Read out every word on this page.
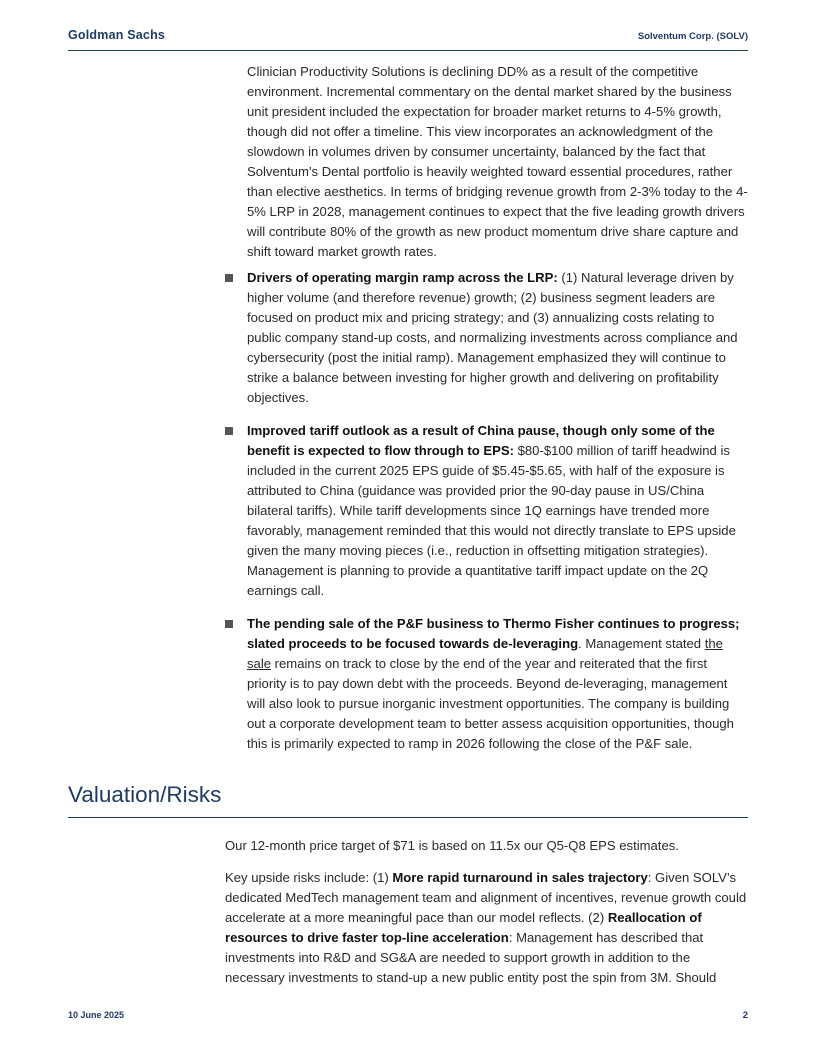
Goldman Sachs	Solventum Corp. (SOLV)

Clinician Productivity Solutions is declining DD% as a result of the competitive environment. Incremental commentary on the dental market shared by the business unit president included the expectation for broader market returns to 4-5% growth, though did not offer a timeline. This view incorporates an acknowledgment of the slowdown in volumes driven by consumer uncertainty, balanced by the fact that Solventum’s Dental portfolio is heavily weighted toward essential procedures, rather than elective aesthetics. In terms of bridging revenue growth from 2-3% today to the 4-5% LRP in 2028, management continues to expect that the five leading growth drivers will contribute 80% of the growth as new product momentum drive share capture and shift toward market growth rates.

Drivers of operating margin ramp across the LRP: (1) Natural leverage driven by higher volume (and therefore revenue) growth; (2) business segment leaders are focused on product mix and pricing strategy; and (3) annualizing costs relating to public company stand-up costs, and normalizing investments across compliance and cybersecurity (post the initial ramp). Management emphasized they will continue to strike a balance between investing for higher growth and delivering on profitability objectives.
Improved tariff outlook as a result of China pause, though only some of the benefit is expected to flow through to EPS: $80-$100 million of tariff headwind is included in the current 2025 EPS guide of $5.45-$5.65, with half of the exposure is attributed to China (guidance was provided prior the 90-day pause in US/China bilateral tariffs). While tariff developments since 1Q earnings have trended more favorably, management reminded that this would not directly translate to EPS upside given the many moving pieces (i.e., reduction in offsetting mitigation strategies). Management is planning to provide a quantitative tariff impact update on the 2Q earnings call.
The pending sale of the P&F business to Thermo Fisher continues to progress; slated proceeds to be focused towards de-leveraging. Management stated the sale remains on track to close by the end of the year and reiterated that the first priority is to pay down debt with the proceeds. Beyond de-leveraging, management will also look to pursue inorganic investment opportunities. The company is building out a corporate development team to better assess acquisition opportunities, though this is primarily expected to ramp in 2026 following the close of the P&F sale.
Valuation/Risks

Our 12-month price target of $71 is based on 11.5x our Q5-Q8 EPS estimates.

Key upside risks include: (1) More rapid turnaround in sales trajectory: Given SOLV’s dedicated MedTech management team and alignment of incentives, revenue growth could accelerate at a more meaningful pace than our model reflects. (2) Reallocation of resources to drive faster top-line acceleration: Management has described that investments into R&D and SG&A are needed to support growth in addition to the necessary investments to stand-up a new public entity post the spin from 3M. Should

10 June 2025	2
